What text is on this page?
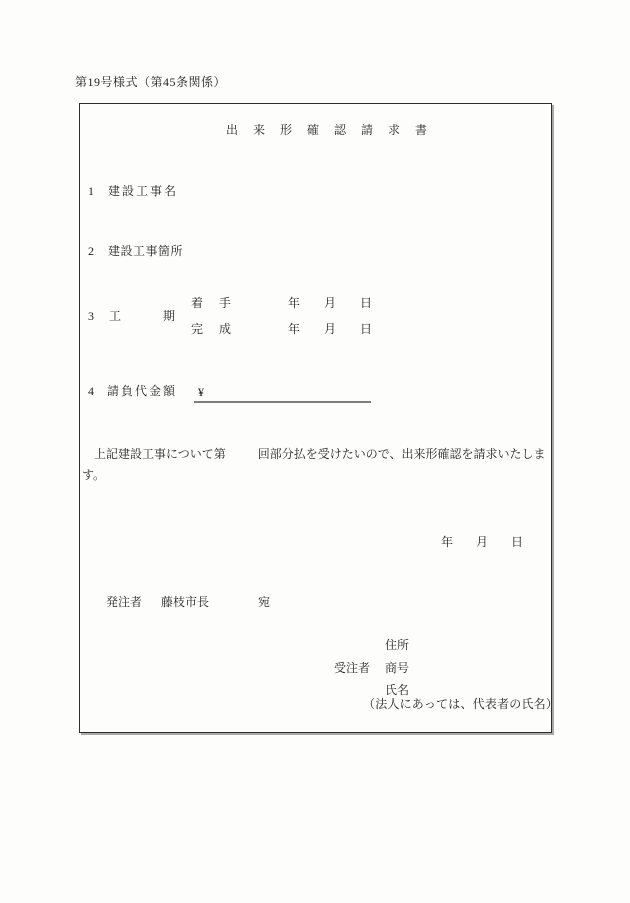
第19号様式（第45条関係）
出来形確認請求書
1 建設工事名
2 建設工事箇所
着手	年月日
3 工期
完成	年月日
4 請負代金額 ¥
上記建設工事について第	回部分払を受けたいので、出来形確認を請求いたします。
年月日
発注者 藤枝市長	宛
住所
受注者 商号
氏名
（法人にあっては、代表者の氏名）
